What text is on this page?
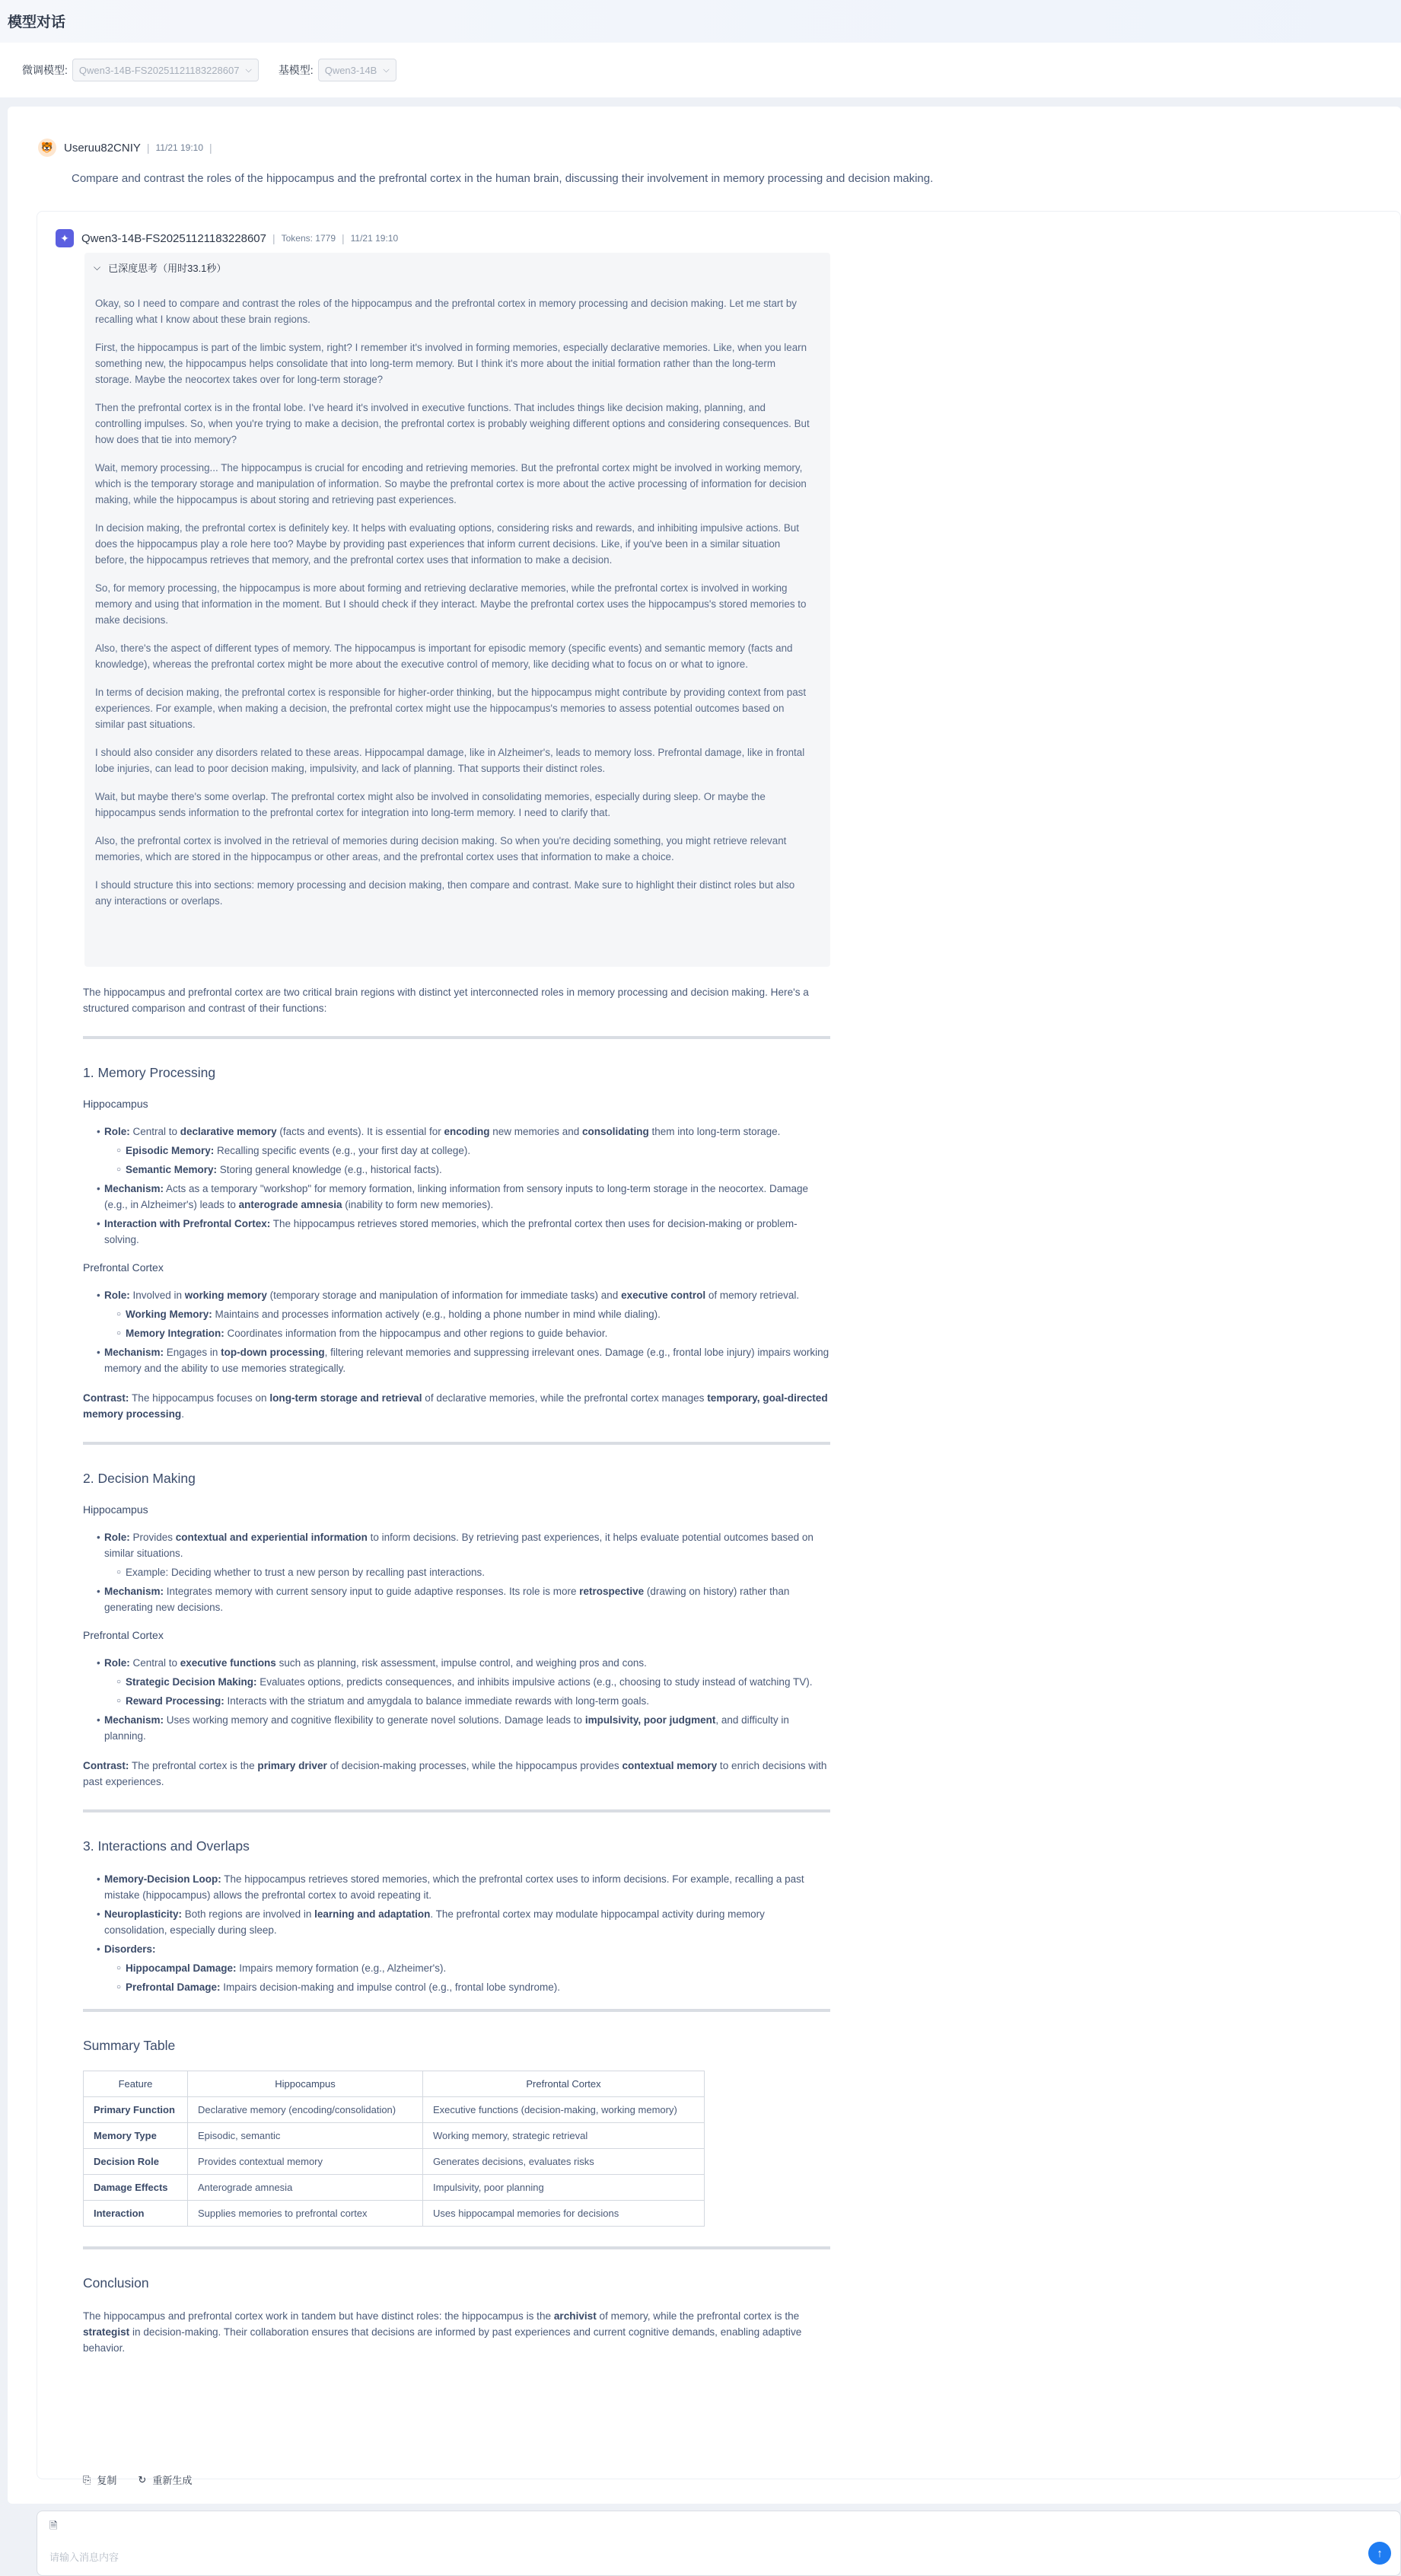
模型对话
微调模型: Qwen3-14B-FS20251121183228607 ⌵	基模型: Qwen3-14B ⌵
🐯 Useruu82CNIY | 11/21 19:10 |
Compare and contrast the roles of the hippocampus and the prefrontal cortex in the human brain, discussing their involvement in memory processing and decision making.
✦	Qwen3-14B-FS20251121183228607 | Tokens: 1779 | 11/21 19:10
⌵ 已深度思考（用时33.1秒）

Okay, so I need to compare and contrast the roles of the hippocampus and the prefrontal cortex in memory processing and decision making. Let me start by recalling what I know about these brain regions.

First, the hippocampus is part of the limbic system, right? I remember it's involved in forming memories, especially declarative memories. Like, when you learn something new, the hippocampus helps consolidate that into long-term memory. But I think it's more about the initial formation rather than the long-term storage. Maybe the neocortex takes over for long-term storage?

Then the prefrontal cortex is in the frontal lobe. I've heard it's involved in executive functions. That includes things like decision making, planning, and controlling impulses. So, when you're trying to make a decision, the prefrontal cortex is probably weighing different options and considering consequences. But how does that tie into memory?

Wait, memory processing... The hippocampus is crucial for encoding and retrieving memories. But the prefrontal cortex might be involved in working memory, which is the temporary storage and manipulation of information. So maybe the prefrontal cortex is more about the active processing of information for decision making, while the hippocampus is about storing and retrieving past experiences.

In decision making, the prefrontal cortex is definitely key. It helps with evaluating options, considering risks and rewards, and inhibiting impulsive actions. But does the hippocampus play a role here too? Maybe by providing past experiences that inform current decisions. Like, if you've been in a similar situation before, the hippocampus retrieves that memory, and the prefrontal cortex uses that information to make a decision.

So, for memory processing, the hippocampus is more about forming and retrieving declarative memories, while the prefrontal cortex is involved in working memory and using that information in the moment. But I should check if they interact. Maybe the prefrontal cortex uses the hippocampus's stored memories to make decisions.

Also, there's the aspect of different types of memory. The hippocampus is important for episodic memory (specific events) and semantic memory (facts and knowledge), whereas the prefrontal cortex might be more about the executive control of memory, like deciding what to focus on or what to ignore.

In terms of decision making, the prefrontal cortex is responsible for higher-order thinking, but the hippocampus might contribute by providing context from past experiences. For example, when making a decision, the prefrontal cortex might use the hippocampus's memories to assess potential outcomes based on similar past situations.

I should also consider any disorders related to these areas. Hippocampal damage, like in Alzheimer's, leads to memory loss. Prefrontal damage, like in frontal lobe injuries, can lead to poor decision making, impulsivity, and lack of planning. That supports their distinct roles.

Wait, but maybe there's some overlap. The prefrontal cortex might also be involved in consolidating memories, especially during sleep. Or maybe the hippocampus sends information to the prefrontal cortex for integration into long-term memory. I need to clarify that.

Also, the prefrontal cortex is involved in the retrieval of memories during decision making. So when you're deciding something, you might retrieve relevant memories, which are stored in the hippocampus or other areas, and the prefrontal cortex uses that information to make a choice.

I should structure this into sections: memory processing and decision making, then compare and contrast. Make sure to highlight their distinct roles but also any interactions or overlaps.

The hippocampus and prefrontal cortex are two critical brain regions with distinct yet interconnected roles in memory processing and decision making. Here's a structured comparison and contrast of their functions:

1. Memory Processing
Hippocampus
• Role: Central to declarative memory (facts and events). It is essential for encoding new memories and consolidating them into long-term storage.
○ Episodic Memory: Recalling specific events (e.g., your first day at college).
○ Semantic Memory: Storing general knowledge (e.g., historical facts).
• Mechanism: Acts as a temporary "workshop" for memory formation, linking information from sensory inputs to long-term storage in the neocortex. Damage (e.g., in Alzheimer's) leads to anterograde amnesia (inability to form new memories).
• Interaction with Prefrontal Cortex: The hippocampus retrieves stored memories, which the prefrontal cortex then uses for decision-making or problem-solving.
Prefrontal Cortex
• Role: Involved in working memory (temporary storage and manipulation of information for immediate tasks) and executive control of memory retrieval.
○ Working Memory: Maintains and processes information actively (e.g., holding a phone number in mind while dialing).
○ Memory Integration: Coordinates information from the hippocampus and other regions to guide behavior.
• Mechanism: Engages in top-down processing, filtering relevant memories and suppressing irrelevant ones. Damage (e.g., frontal lobe injury) impairs working memory and the ability to use memories strategically.

Contrast: The hippocampus focuses on long-term storage and retrieval of declarative memories, while the prefrontal cortex manages temporary, goal-directed memory processing.

2. Decision Making
Hippocampus
• Role: Provides contextual and experiential information to inform decisions. By retrieving past experiences, it helps evaluate potential outcomes based on similar situations.
○ Example: Deciding whether to trust a new person by recalling past interactions.
• Mechanism: Integrates memory with current sensory input to guide adaptive responses. Its role is more retrospective (drawing on history) rather than generating new decisions.
Prefrontal Cortex
• Role: Central to executive functions such as planning, risk assessment, impulse control, and weighing pros and cons.
○ Strategic Decision Making: Evaluates options, predicts consequences, and inhibits impulsive actions (e.g., choosing to study instead of watching TV).
○ Reward Processing: Interacts with the striatum and amygdala to balance immediate rewards with long-term goals.
• Mechanism: Uses working memory and cognitive flexibility to generate novel solutions. Damage leads to impulsivity, poor judgment, and difficulty in planning.

Contrast: The prefrontal cortex is the primary driver of decision-making processes, while the hippocampus provides contextual memory to enrich decisions with past experiences.

3. Interactions and Overlaps
• Memory-Decision Loop: The hippocampus retrieves stored memories, which the prefrontal cortex uses to inform decisions. For example, recalling a past mistake (hippocampus) allows the prefrontal cortex to avoid repeating it.
• Neuroplasticity: Both regions are involved in learning and adaptation. The prefrontal cortex may modulate hippocampal activity during memory consolidation, especially during sleep.
• Disorders:
○ Hippocampal Damage: Impairs memory formation (e.g., Alzheimer's).
○ Prefrontal Damage: Impairs decision-making and impulse control (e.g., frontal lobe syndrome).
Summary Table
Feature	Hippocampus	Prefrontal Cortex
Primary Function	Declarative memory (encoding/consolidation)	Executive functions (decision-making, working memory)
Memory Type	Episodic, semantic	Working memory, strategic retrieval
Decision Role	Provides contextual memory	Generates decisions, evaluates risks
Damage Effects	Anterograde amnesia	Impulsivity, poor planning
Interaction	Supplies memories to prefrontal cortex	Uses hippocampal memories for decisions
Conclusion

The hippocampus and prefrontal cortex work in tandem but have distinct roles: the hippocampus is the archivist of memory, while the prefrontal cortex is the strategist in decision-making. Their collaboration ensures that decisions are informed by past experiences and current cognitive demands, enabling adaptive behavior.

⎘ 复制 ↻ 重新生成
🗎
请输入消息内容	↑
